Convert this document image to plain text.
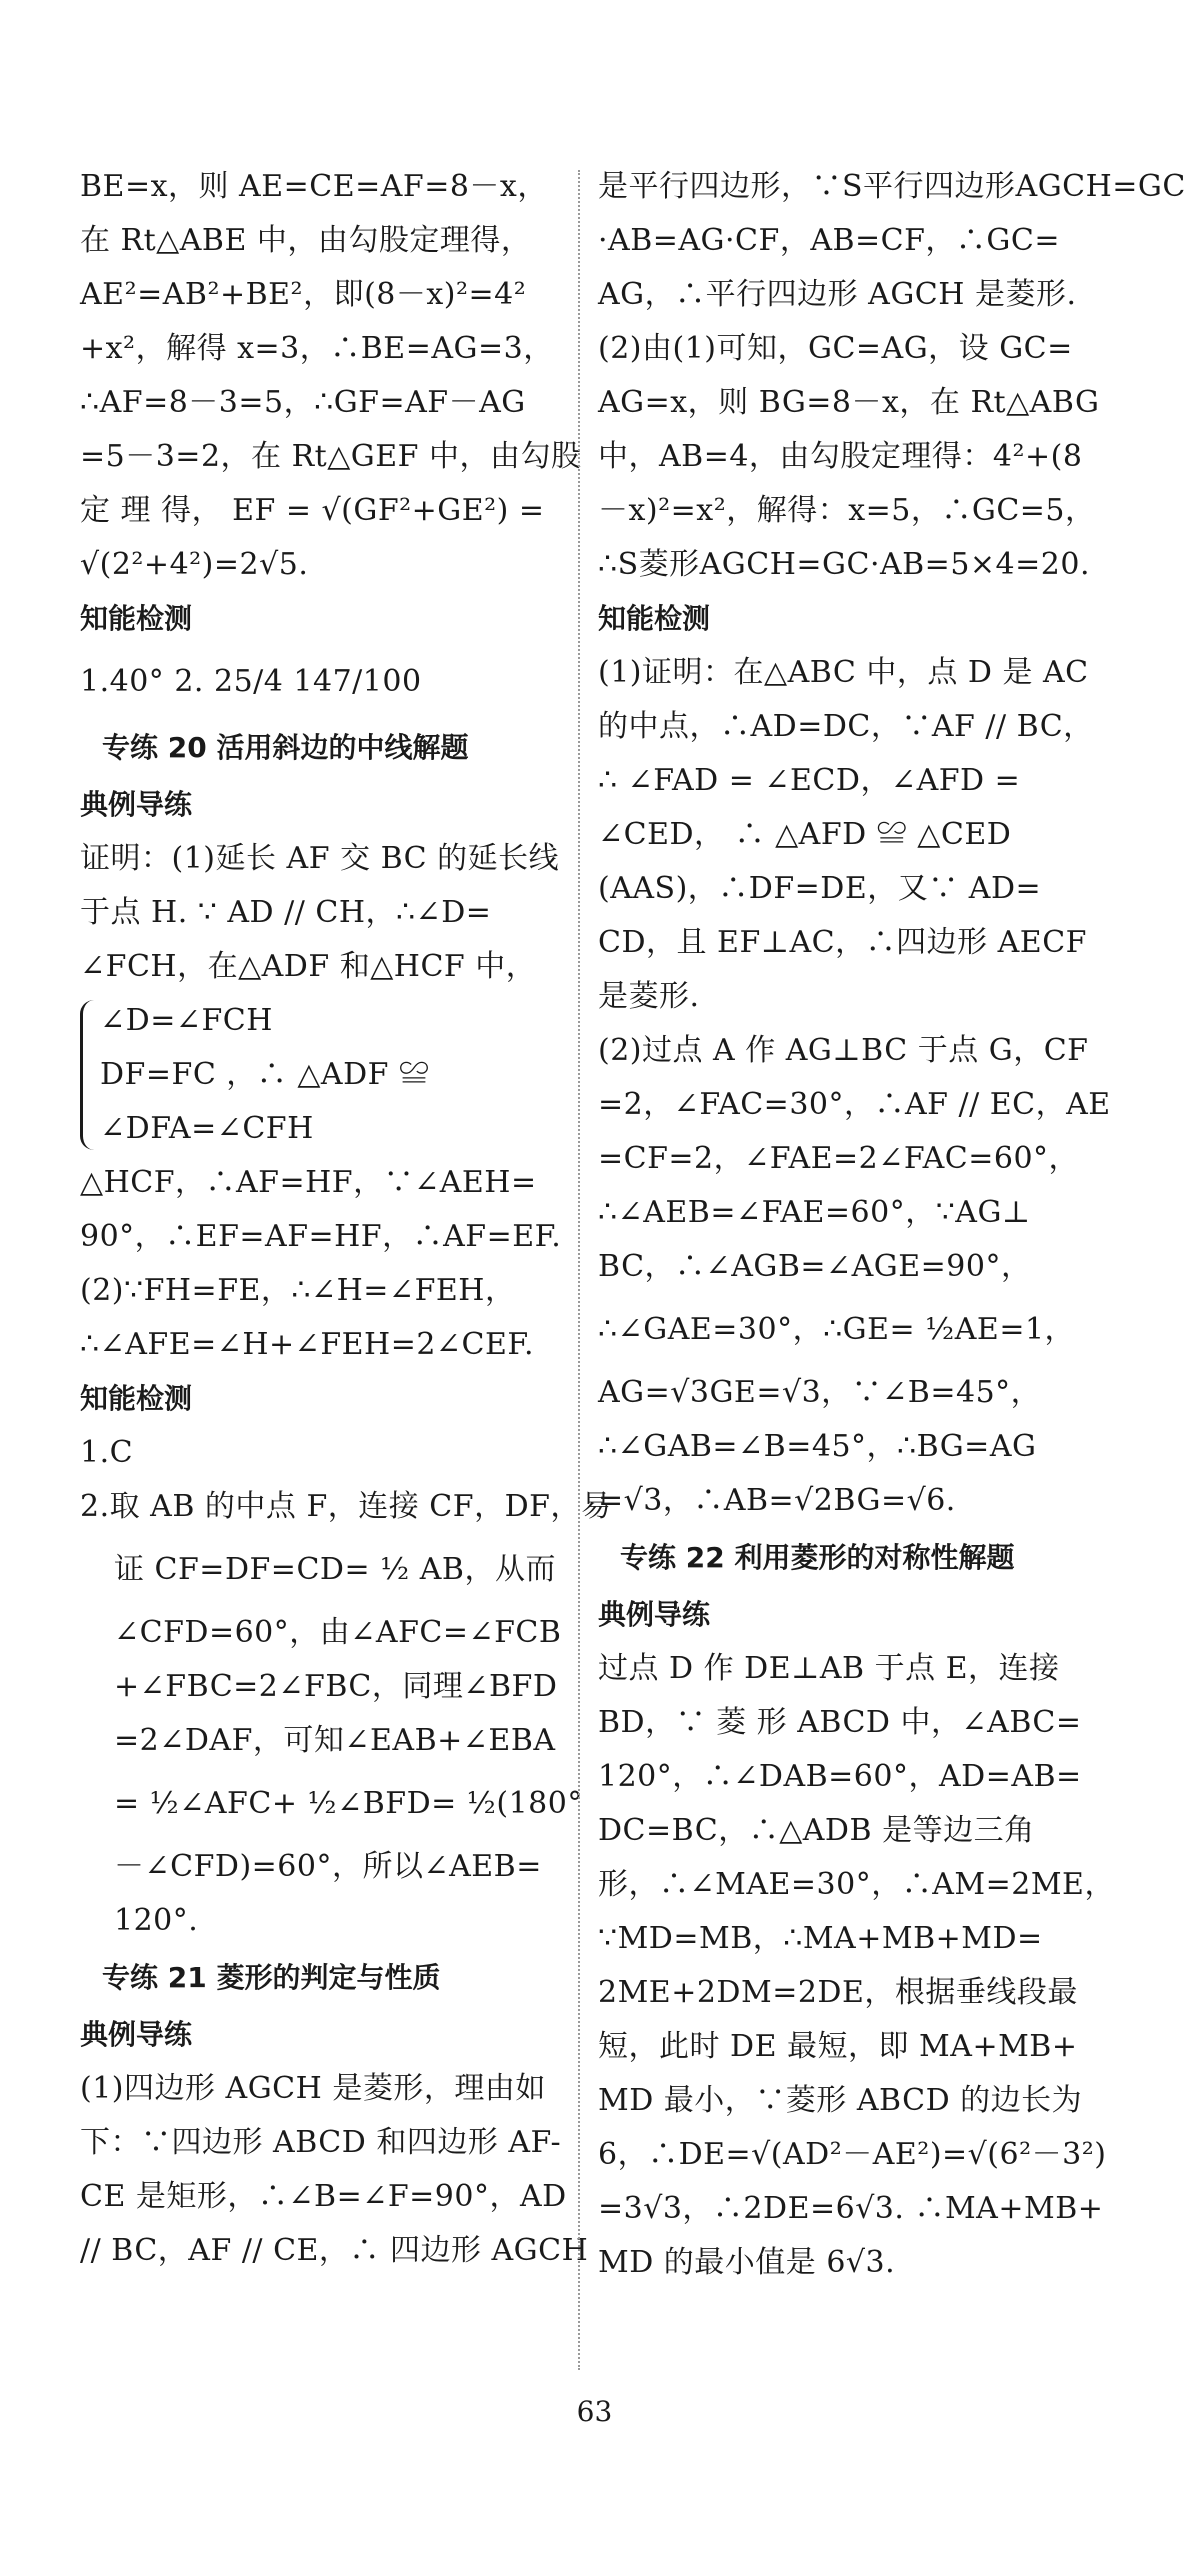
BE=x，则 AE=CE=AF=8－x，
在 Rt△ABE 中，由勾股定理得，
AE²=AB²+BE²，即(8－x)²=4²
+x²，解得 x=3，∴BE=AG=3，
∴AF=8－3=5，∴GF=AF－AG
=5－3=2，在 Rt△GEF 中，由勾股
定 理 得， EF = √(GF²+GE²) =
√(2²+4²)=2√5.
知能检测
1.40° 2. 25/4 147/100
专练 20 活用斜边的中线解题
典例导练
证明：(1)延长 AF 交 BC 的延长线
于点 H. ∵ AD // CH，∴∠D=
∠FCH，在△ADF 和△HCF 中，
∠D=∠FCH
DF=FC ，∴ △ADF ≌
∠DFA=∠CFH
△HCF，∴AF=HF，∵∠AEH=
90°，∴EF=AF=HF，∴AF=EF.
(2)∵FH=FE，∴∠H=∠FEH，
∴∠AFE=∠H+∠FEH=2∠CEF.
知能检测
1.C
2.取 AB 的中点 F，连接 CF，DF，易
证 CF=DF=CD= ½ AB，从而
∠CFD=60°，由∠AFC=∠FCB
+∠FBC=2∠FBC，同理∠BFD
=2∠DAF，可知∠EAB+∠EBA
= ½∠AFC+ ½∠BFD= ½(180°
－∠CFD)=60°，所以∠AEB=
120°.
专练 21 菱形的判定与性质
典例导练
(1)四边形 AGCH 是菱形，理由如
下：∵四边形 ABCD 和四边形 AF-
CE 是矩形，∴∠B=∠F=90°，AD
// BC，AF // CE，∴ 四边形 AGCH
是平行四边形，∵S平行四边形AGCH=GC
·AB=AG·CF，AB=CF，∴GC=
AG，∴平行四边形 AGCH 是菱形.
(2)由(1)可知，GC=AG，设 GC=
AG=x，则 BG=8－x，在 Rt△ABG
中，AB=4，由勾股定理得：4²+(8
－x)²=x²，解得：x=5，∴GC=5，
∴S菱形AGCH=GC·AB=5×4=20.
知能检测
(1)证明：在△ABC 中，点 D 是 AC
的中点，∴AD=DC，∵AF // BC，
∴ ∠FAD = ∠ECD，∠AFD =
∠CED， ∴ △AFD ≌ △CED
(AAS)，∴DF=DE，又∵ AD=
CD，且 EF⊥AC，∴四边形 AECF
是菱形.
(2)过点 A 作 AG⊥BC 于点 G，CF
=2，∠FAC=30°，∴AF // EC，AE
=CF=2，∠FAE=2∠FAC=60°，
∴∠AEB=∠FAE=60°，∵AG⊥
BC，∴∠AGB=∠AGE=90°，
∴∠GAE=30°，∴GE= ½AE=1，
AG=√3GE=√3，∵∠B=45°，
∴∠GAB=∠B=45°，∴BG=AG
=√3，∴AB=√2BG=√6.
专练 22 利用菱形的对称性解题
典例导练
过点 D 作 DE⊥AB 于点 E，连接
BD，∵ 菱 形 ABCD 中，∠ABC=
120°，∴∠DAB=60°，AD=AB=
DC=BC，∴△ADB 是等边三角
形，∴∠MAE=30°，∴AM=2ME，
∵MD=MB，∴MA+MB+MD=
2ME+2DM=2DE，根据垂线段最
短，此时 DE 最短，即 MA+MB+
MD 最小，∵菱形 ABCD 的边长为
6，∴DE=√(AD²－AE²)=√(6²－3²)
=3√3，∴2DE=6√3. ∴MA+MB+
MD 的最小值是 6√3.
63
